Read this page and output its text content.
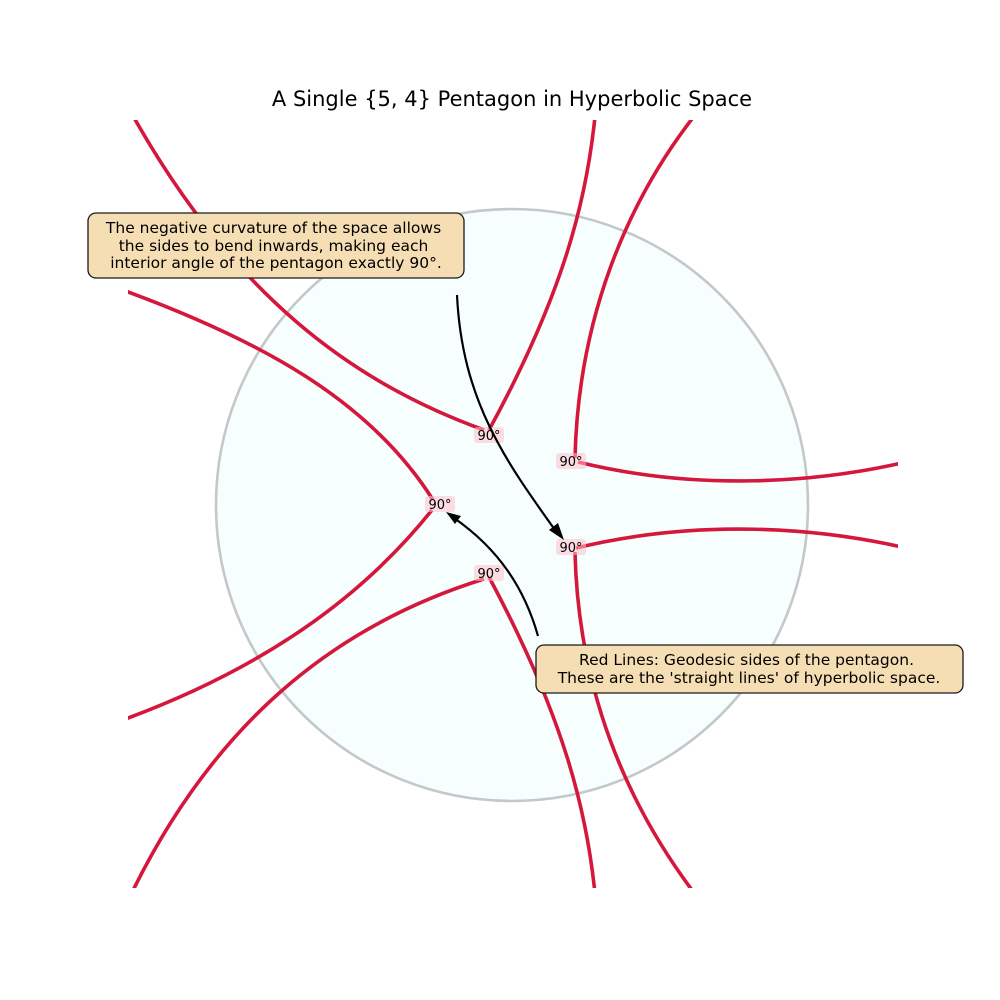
A Single {5, 4} Pentagon in Hyperbolic Space
90°
90°
90°
90°
90°
The negative curvature of the space allows the sides to bend inwards, making each interior angle of the pentagon exactly 90°.
Red Lines: Geodesic sides of the pentagon. These are the 'straight lines' of hyperbolic space.
